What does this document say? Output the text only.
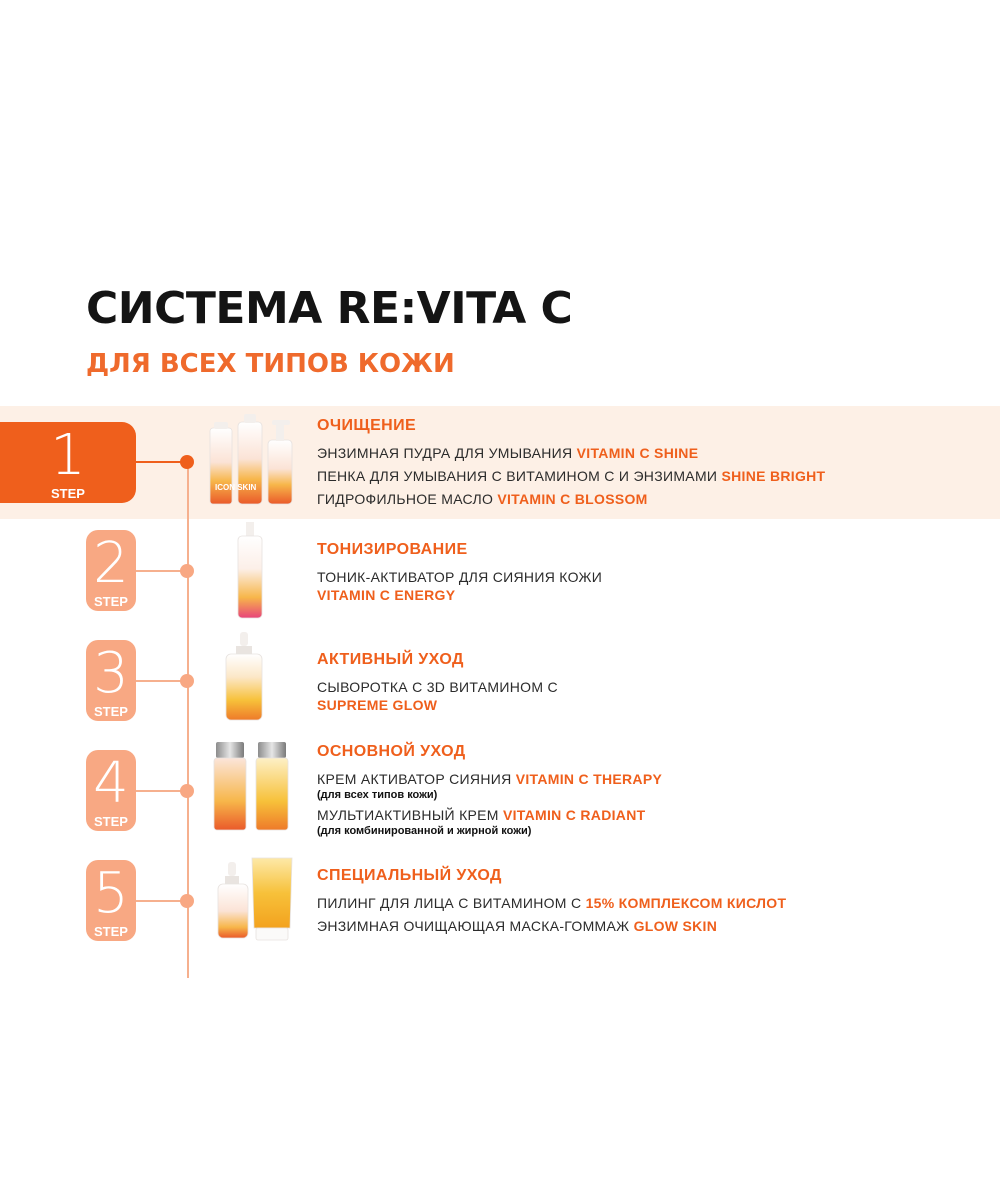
СИСТЕМА RE:VITA C
ДЛЯ ВСЕХ ТИПОВ КОЖИ
1
STEP	ICON SKIN

ОЧИЩЕНИЕ

ЭНЗИМНАЯ ПУДРА ДЛЯ УМЫВАНИЯ VITAMIN C SHINE

ПЕНКА ДЛЯ УМЫВАНИЯ С ВИТАМИНОМ С И ЭНЗИМАМИ SHINE BRIGHT

ГИДРОФИЛЬНОЕ МАСЛО VITAMIN C BLOSSOM

2
STEP

ТОНИЗИРОВАНИЕ

ТОНИК-АКТИВАТОР ДЛЯ СИЯНИЯ КОЖИ

VITAMIN C ENERGY

3
STEP

АКТИВНЫЙ УХОД

СЫВОРОТКА С 3D ВИТАМИНОМ С

SUPREME GLOW

4
STEP

ОСНОВНОЙ УХОД

КРЕМ АКТИВАТОР СИЯНИЯ VITAMIN C THERAPY

(для всех типов кожи)

МУЛЬТИАКТИВНЫЙ КРЕМ VITAMIN C RADIANT

(для комбинированной и жирной кожи)

5
STEP

СПЕЦИАЛЬНЫЙ УХОД

ПИЛИНГ ДЛЯ ЛИЦА С ВИТАМИНОМ С 15% КОМПЛЕКСОМ КИСЛОТ

ЭНЗИМНАЯ ОЧИЩАЮЩАЯ МАСКА-ГОММАЖ GLOW SKIN
